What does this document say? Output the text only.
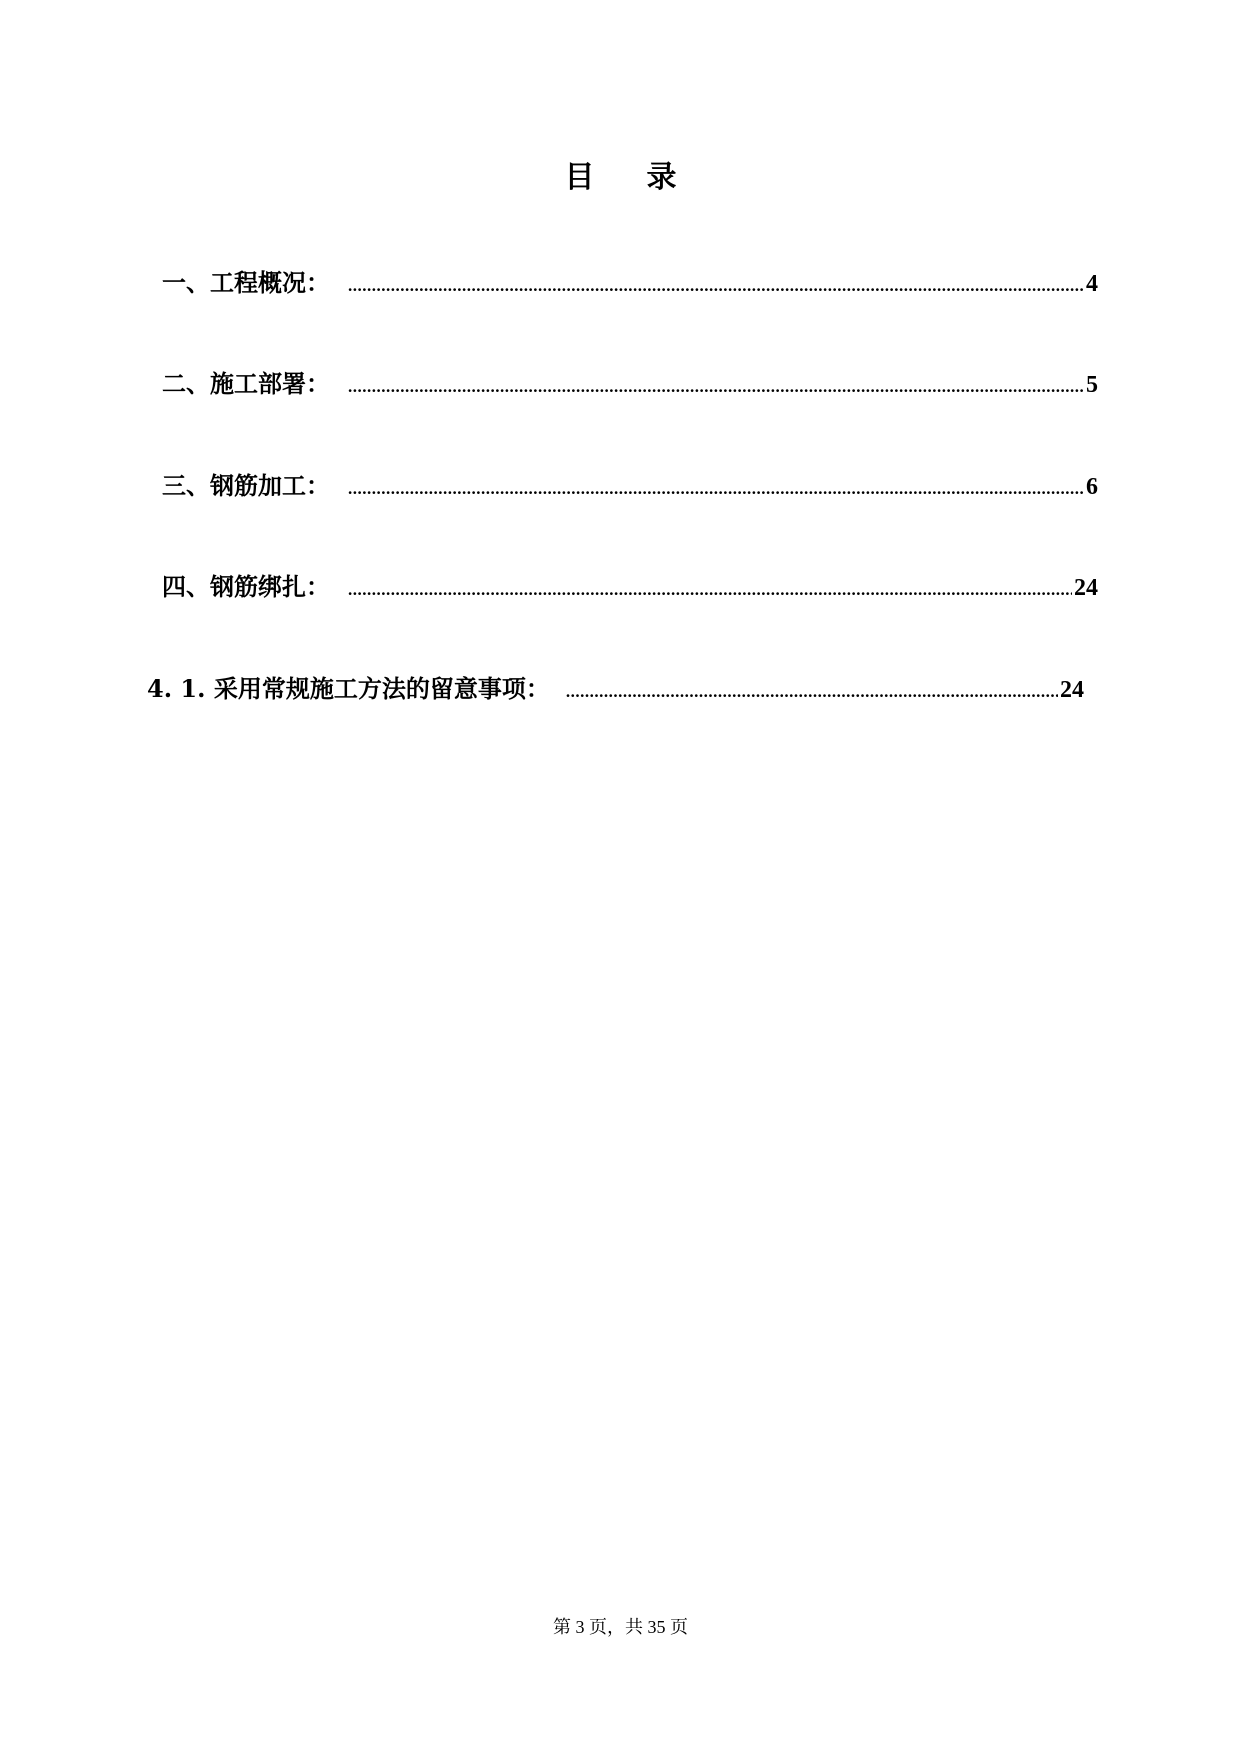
目 录
一、工程概况： .....	4
二、施工部署： .....	5
三、钢筋加工： .....	6
四、钢筋绑扎： .....	24
4. 1. 采用常规施工方法的留意事项： .....	24
第 3 页，共 35 页
